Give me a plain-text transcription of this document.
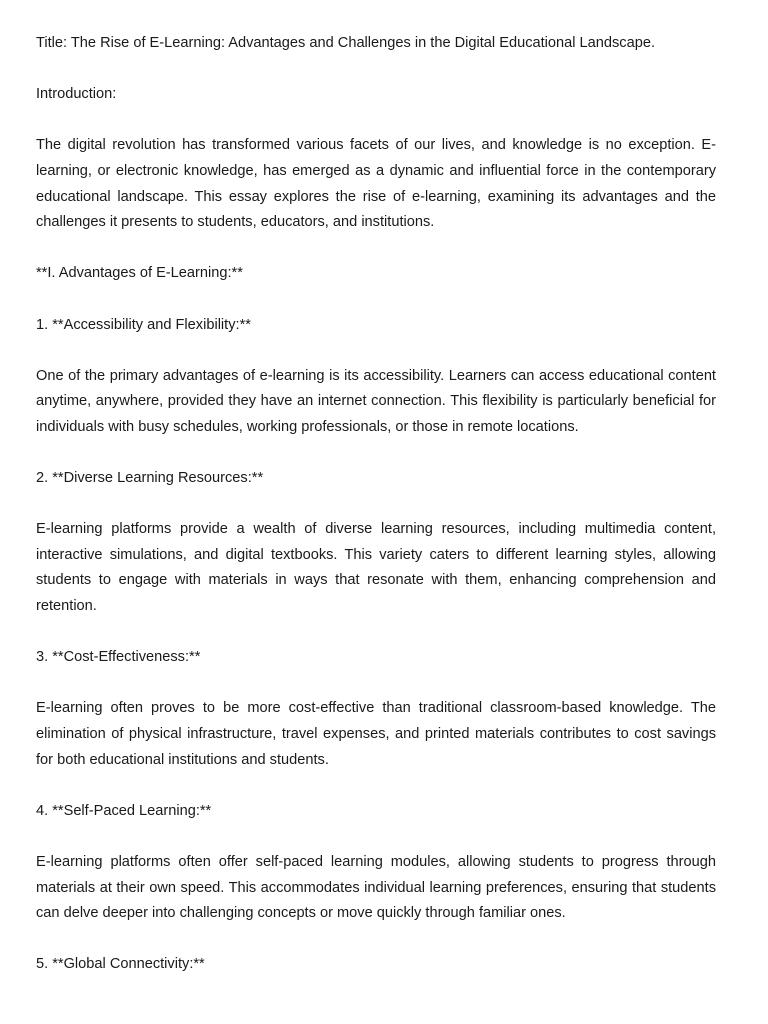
Title: The Rise of E-Learning: Advantages and Challenges in the Digital Educational Landscape.

Introduction:

The digital revolution has transformed various facets of our lives, and knowledge is no exception. E-learning, or electronic knowledge, has emerged as a dynamic and influential force in the contemporary educational landscape. This essay explores the rise of e-learning, examining its advantages and the challenges it presents to students, educators, and institutions.

**I. Advantages of E-Learning:**

1. **Accessibility and Flexibility:**

One of the primary advantages of e-learning is its accessibility. Learners can access educational content anytime, anywhere, provided they have an internet connection. This flexibility is particularly beneficial for individuals with busy schedules, working professionals, or those in remote locations.

2. **Diverse Learning Resources:**

E-learning platforms provide a wealth of diverse learning resources, including multimedia content, interactive simulations, and digital textbooks. This variety caters to different learning styles, allowing students to engage with materials in ways that resonate with them, enhancing comprehension and retention.

3. **Cost-Effectiveness:**

E-learning often proves to be more cost-effective than traditional classroom-based knowledge. The elimination of physical infrastructure, travel expenses, and printed materials contributes to cost savings for both educational institutions and students.

4. **Self-Paced Learning:**

E-learning platforms often offer self-paced learning modules, allowing students to progress through materials at their own speed. This accommodates individual learning preferences, ensuring that students can delve deeper into challenging concepts or move quickly through familiar ones.

5. **Global Connectivity:**
